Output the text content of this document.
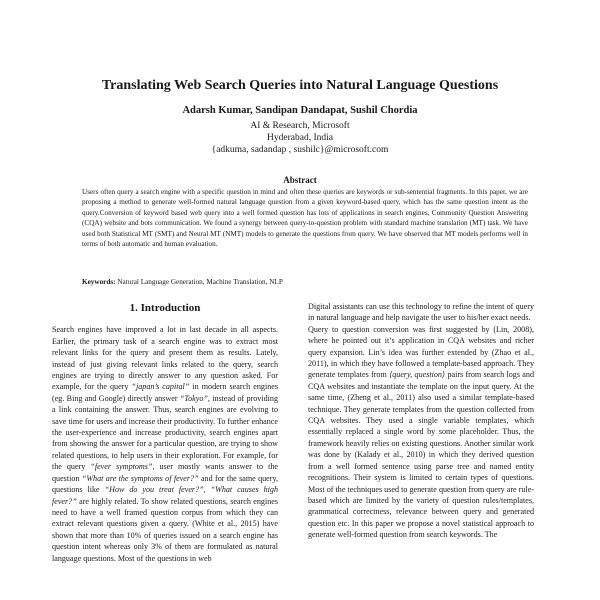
Translating Web Search Queries into Natural Language Questions
Adarsh Kumar, Sandipan Dandapat, Sushil Chordia
AI & Research, Microsoft
Hyderabad, India
{adkuma, sadandap , sushilc}@microsoft.com
Abstract
Users often query a search engine with a specific question in mind and often these queries are keywords or sub-sentential fragments. In this paper, we are proposing a method to generate well-formed natural language question from a given keyword-based query, which has the same question intent as the query.Conversion of keyword based web query into a well formed question has lots of applications in search engines, Community Question Answering (CQA) website and bots communication. We found a synergy between query-to-question problem with standard machine translation (MT) task. We have used both Statistical MT (SMT) and Neural MT (NMT) models to generate the questions from query. We have observed that MT models performs well in terms of both automatic and human evaluation.
Keywords: Natural Language Generation, Machine Translation, NLP
1. Introduction

Search engines have improved a lot in last decade in all aspects. Earlier, the primary task of a search engine was to extract most relevant links for the query and present them as results. Lately, instead of just giving relevant links related to the query, search engines are trying to directly answer to any question asked. For example, for the query “japan’s capital” in modern search engines (eg. Bing and Google) directly answer “Tokyo”, instead of providing a link containing the answer. Thus, search engines are evolving to save time for users and increase their productivity. To further enhance the user-experience and increase productivity, search engines apart from showing the answer for a particular question, are trying to show related questions, to help users in their exploration. For example, for the query “fever symptoms”, user mostly wants answer to the question “What are the symptoms of fever?” and for the same query, questions like “How do you treat fever?”, “What causes high fever?” are highly related. To show related questions, search engines need to have a well framed question corpus from which they can extract relevant questions given a query. (White et al., 2015) have shown that more than 10% of queries issued on a search engine has question intent whereas only 3% of them are formulated as natural language questions. Most of the questions in web

Digital assistants can use this technology to refine the intent of query in natural language and help navigate the user to his/her exact needs.

Query to question conversion was first suggested by (Lin, 2008), where he pointed out it’s application in CQA websites and richer query expansion. Lin’s idea was further extended by (Zhao et al., 2011), in which they have followed a template-based approach. They generate templates from ⟨query, question⟩ pairs from search logs and CQA websites and instantiate the template on the input query. At the same time, (Zheng et al., 2011) also used a similar template-based technique. They generate templates from the question collected from CQA websites. They used a single variable templates, which essentially replaced a single word by some placeholder. Thus, the framework heavily relies on existing questions. Another similar work was done by (Kalady et al., 2010) in which they derived question from a well formed sentence using parse tree and named entity recognitions. Their system is limited to certain types of questions. Most of the techniques used to generate question from query are rule-based which are limited by the variety of question rules/templates, grammatical correctness, relevance between query and generated question etc. In this paper we propose a novel statistical approach to generate well-formed question from search keywords. The
